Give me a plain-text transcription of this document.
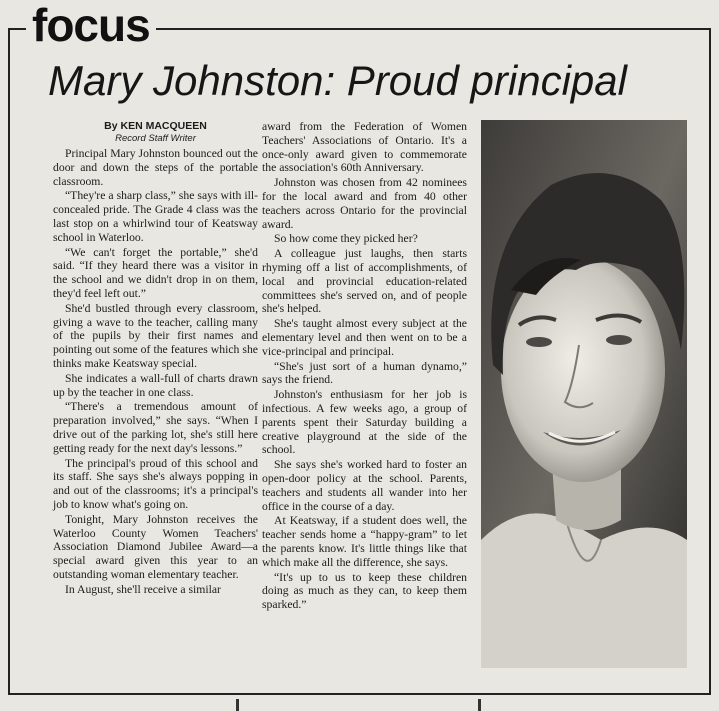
focus
Mary Johnston: Proud principal
By KEN MACQUEEN
Record Staff Writer

Principal Mary Johnston bounced out the door and down the steps of the portable classroom.

“They're a sharp class,” she says with ill-concealed pride. The Grade 4 class was the last stop on a whirlwind tour of Keatsway school in Waterloo.

“We can't forget the portable,” she'd said. “If they heard there was a visitor in the school and we didn't drop in on them, they'd feel left out.”

She'd bustled through every classroom, giving a wave to the teacher, calling many of the pupils by their first names and pointing out some of the features which she thinks make Keatsway special.

She indicates a wall-full of charts drawn up by the teacher in one class.

“There's a tremendous amount of preparation involved,” she says. “When I drive out of the parking lot, she's still here getting ready for the next day's lessons.”

The principal's proud of this school and its staff. She says she's always popping in and out of the classrooms; it's a principal's job to know what's going on.

Tonight, Mary Johnston receives the Waterloo County Women Teachers' Association Diamond Jubilee Award—a special award given this year to an outstanding woman elementary teacher.

In August, she'll receive a similar

award from the Federation of Women Teachers' Associations of Ontario. It's a once-only award given to commemorate the association's 60th Anniversary.

Johnston was chosen from 42 nominees for the local award and from 40 other teachers across Ontario for the provincial award.

So how come they picked her?

A colleague just laughs, then starts rhyming off a list of accomplishments, of local and provincial education-related committees she's served on, and of people she's helped.

She's taught almost every subject at the elementary level and then went on to be a vice-principal and principal.

“She's just sort of a human dynamo,” says the friend.

Johnston's enthusiasm for her job is infectious. A few weeks ago, a group of parents spent their Saturday building a creative playground at the side of the school.

She says she's worked hard to foster an open-door policy at the school. Parents, teachers and students all wander into her office in the course of a day.

At Keatsway, if a student does well, the teacher sends home a “happy-gram” to let the parents know. It's little things like that which make all the difference, she says.

“It's up to us to keep these children doing as much as they can, to keep them sparked.”
